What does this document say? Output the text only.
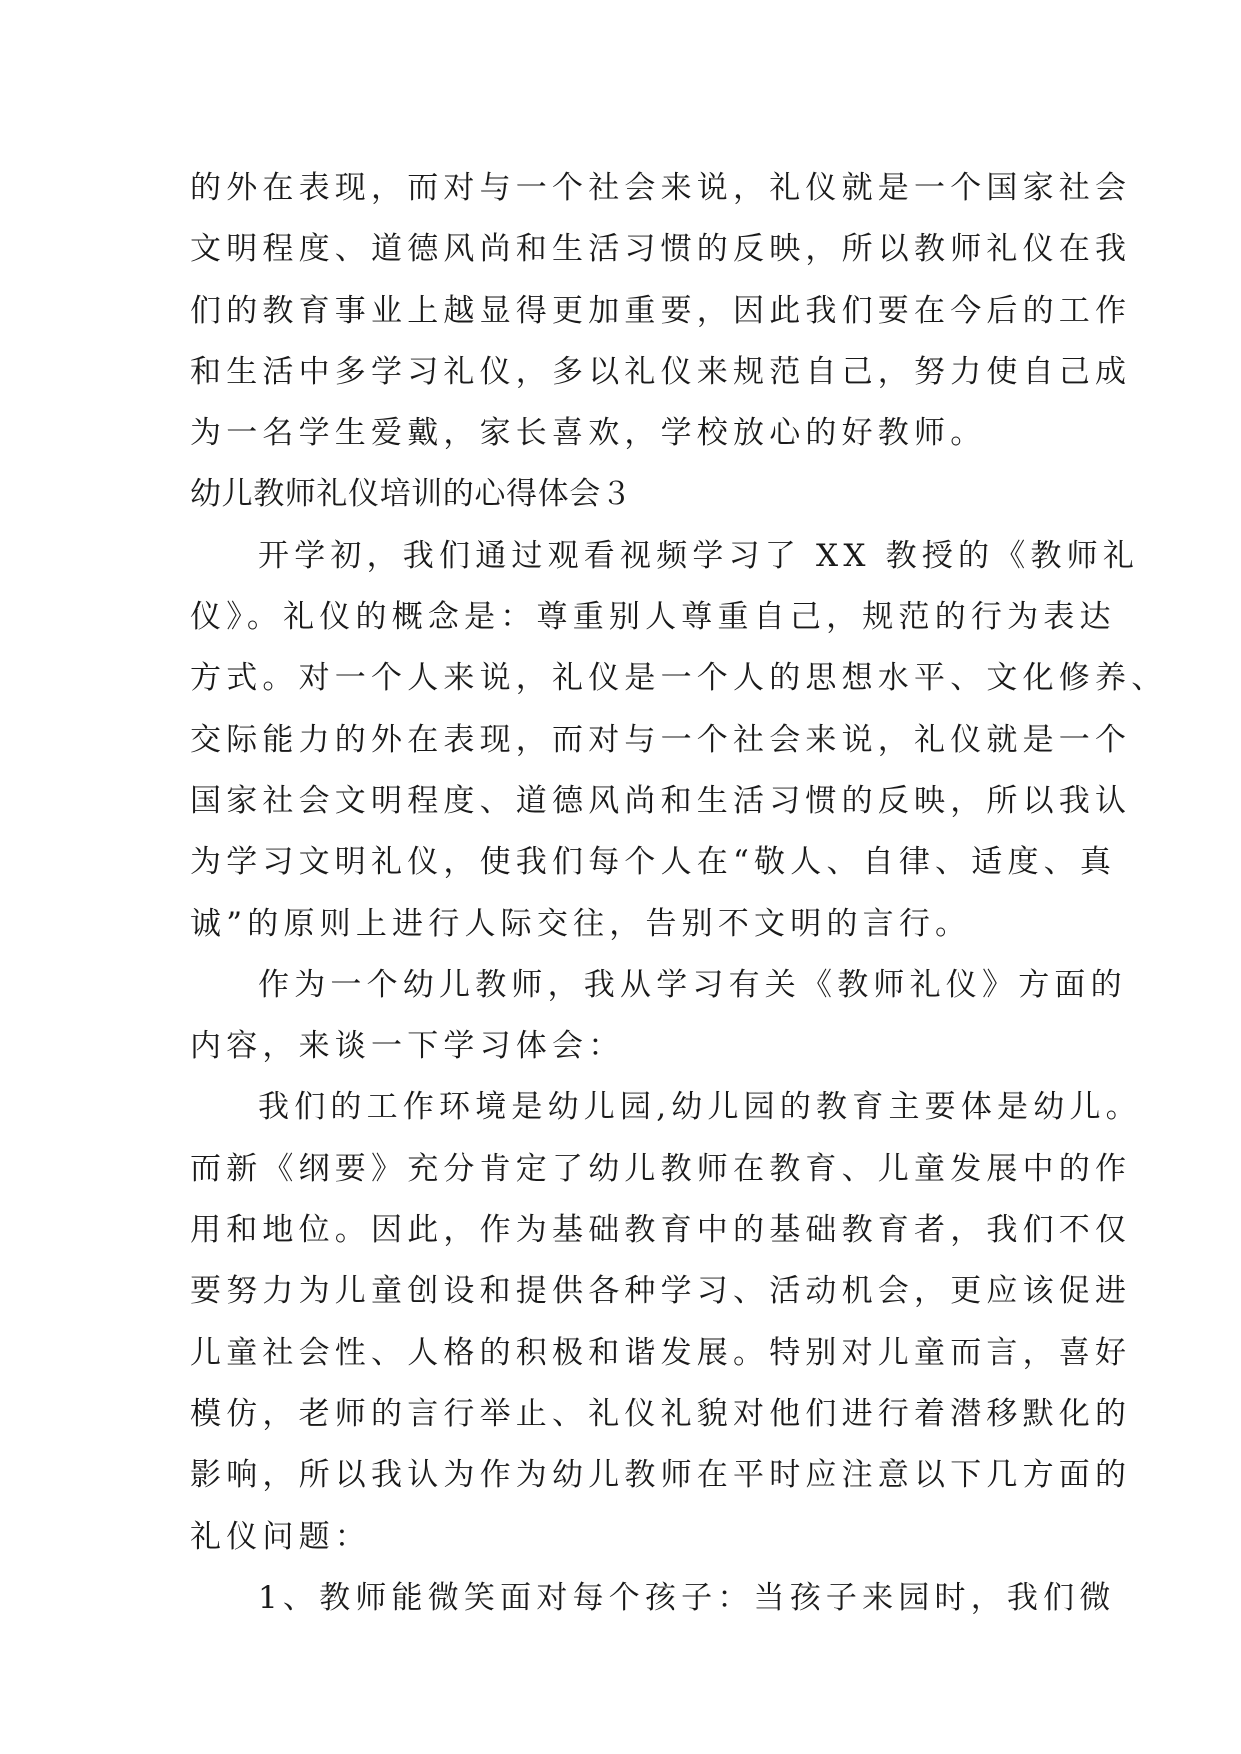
的外在表现，而对与一个社会来说，礼仪就是一个国家社会
文明程度、道德风尚和生活习惯的反映，所以教师礼仪在我
们的教育事业上越显得更加重要，因此我们要在今后的工作
和生活中多学习礼仪，多以礼仪来规范自己，努力使自己成
为一名学生爱戴，家长喜欢，学校放心的好教师。
幼儿教师礼仪培训的心得体会３
开学初，我们通过观看视频学习了 XX 教授的《教师礼
仪》。礼仪的概念是：尊重别人尊重自己，规范的行为表达
方式。对一个人来说，礼仪是一个人的思想水平、文化修养、
交际能力的外在表现，而对与一个社会来说，礼仪就是一个
国家社会文明程度、道德风尚和生活习惯的反映，所以我认
为学习文明礼仪，使我们每个人在“敬人、自律、适度、真
诚”的原则上进行人际交往，告别不文明的言行。
作为一个幼儿教师，我从学习有关《教师礼仪》方面的
内容，来谈一下学习体会：
我们的工作环境是幼儿园,幼儿园的教育主要体是幼儿。
而新《纲要》充分肯定了幼儿教师在教育、儿童发展中的作
用和地位。因此，作为基础教育中的基础教育者，我们不仅
要努力为儿童创设和提供各种学习、活动机会，更应该促进
儿童社会性、人格的积极和谐发展。特别对儿童而言，喜好
模仿，老师的言行举止、礼仪礼貌对他们进行着潜移默化的
影响，所以我认为作为幼儿教师在平时应注意以下几方面的
礼仪问题：
1、教师能微笑面对每个孩子：当孩子来园时，我们微
